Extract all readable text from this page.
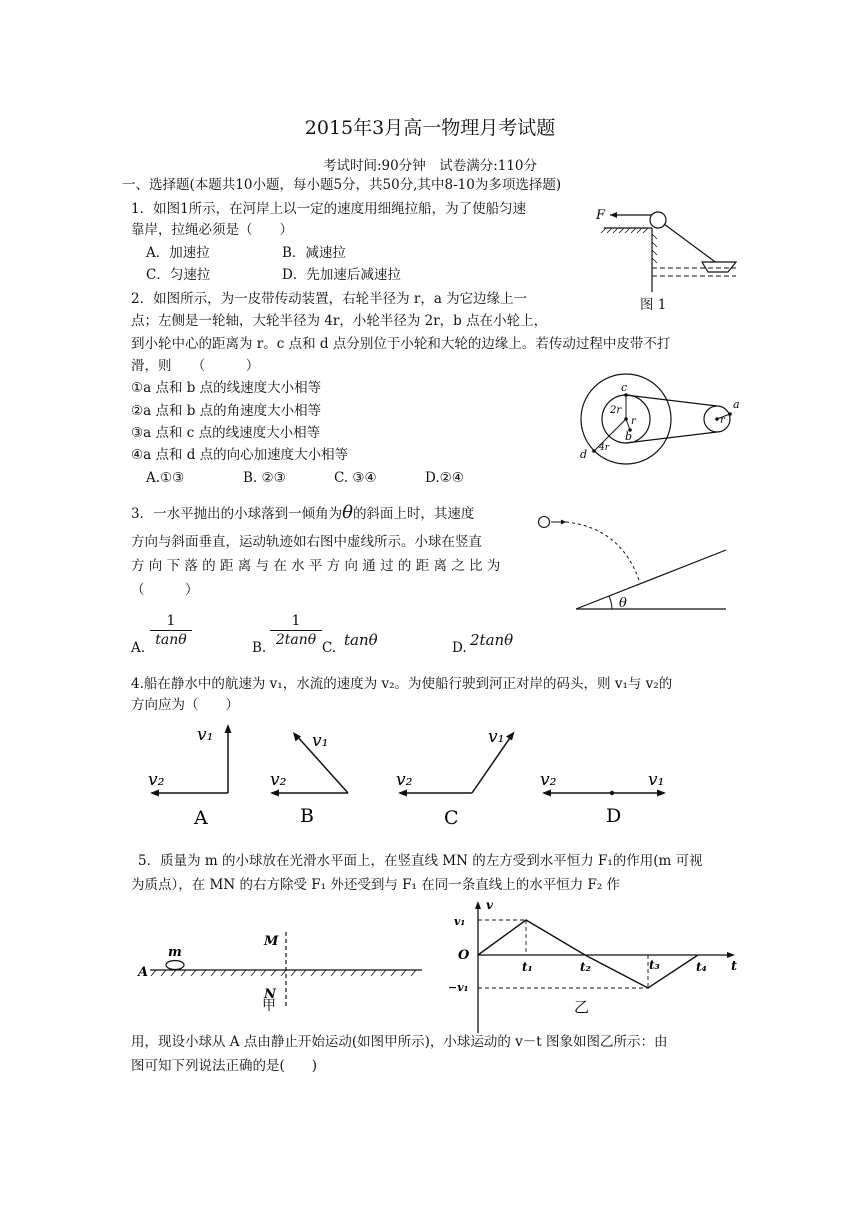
2015年3月高一物理月考试题
考试时间:90分钟　试卷满分:110分
一、选择题(本题共10小题，每小题5分，共50分,其中8-10为多项选择题)
1．如图1所示，在河岸上以一定的速度用细绳拉船，为了使船匀速
靠岸，拉绳必须是（　　）
A．加速拉	B．减速拉
C．匀速拉	D．先加速后减速拉
F
图 1
2．如图所示，为一皮带传动装置，右轮半径为 r，a 为它边缘上一
点；左侧是一轮轴，大轮半径为 4r，小轮半径为 2r，b 点在小轮上，
到小轮中心的距离为 r。c 点和 d 点分别位于小轮和大轮的边缘上。若传动过程中皮带不打
滑，则　　（　　　）
①a 点和 b 点的线速度大小相等
②a 点和 b 点的角速度大小相等
③a 点和 c 点的线速度大小相等
④a 点和 d 点的向心加速度大小相等
A.①③	B. ②③	C. ③④	D.②④
c
2r
r
b
d 4r
a
r
3．一水平抛出的小球落到一倾角为θ的斜面上时，其速度
方向与斜面垂直，运动轨迹如右图中虚线所示。小球在竖直
方 向 下 落 的 距 离 与 在 水 平 方 向 通 过 的 距 离 之 比 为
（　　　）
A. $\frac{1}{\tan\theta}$	B. $\frac{1}{2\tan\theta} C$. tanθ	D. 2tanθ
θ
4.船在静水中的航速为 v₁，水流的速度为 v₂。为使船行驶到河正对岸的码头，则 v₁与 v₂的
方向应为（　　）
v₁
v₂
A
v₁
v₂
B
v₁
v₂
C
v₂	v₁
D
5．质量为 m 的小球放在光滑水平面上，在竖直线 MN 的左方受到水平恒力 F₁的作用(m 可视
为质点），在 MN 的右方除受 F₁ 外还受到与 F₁ 在同一条直线上的水平恒力 F₂ 作
m
A
M
N
甲
v
t
O
v₁
−v₁
t₁	t₂	t₃	t₄
乙
用，现设小球从 A 点由静止开始运动(如图甲所示)，小球运动的 v－t 图象如图乙所示：由
图可知下列说法正确的是(　　)
